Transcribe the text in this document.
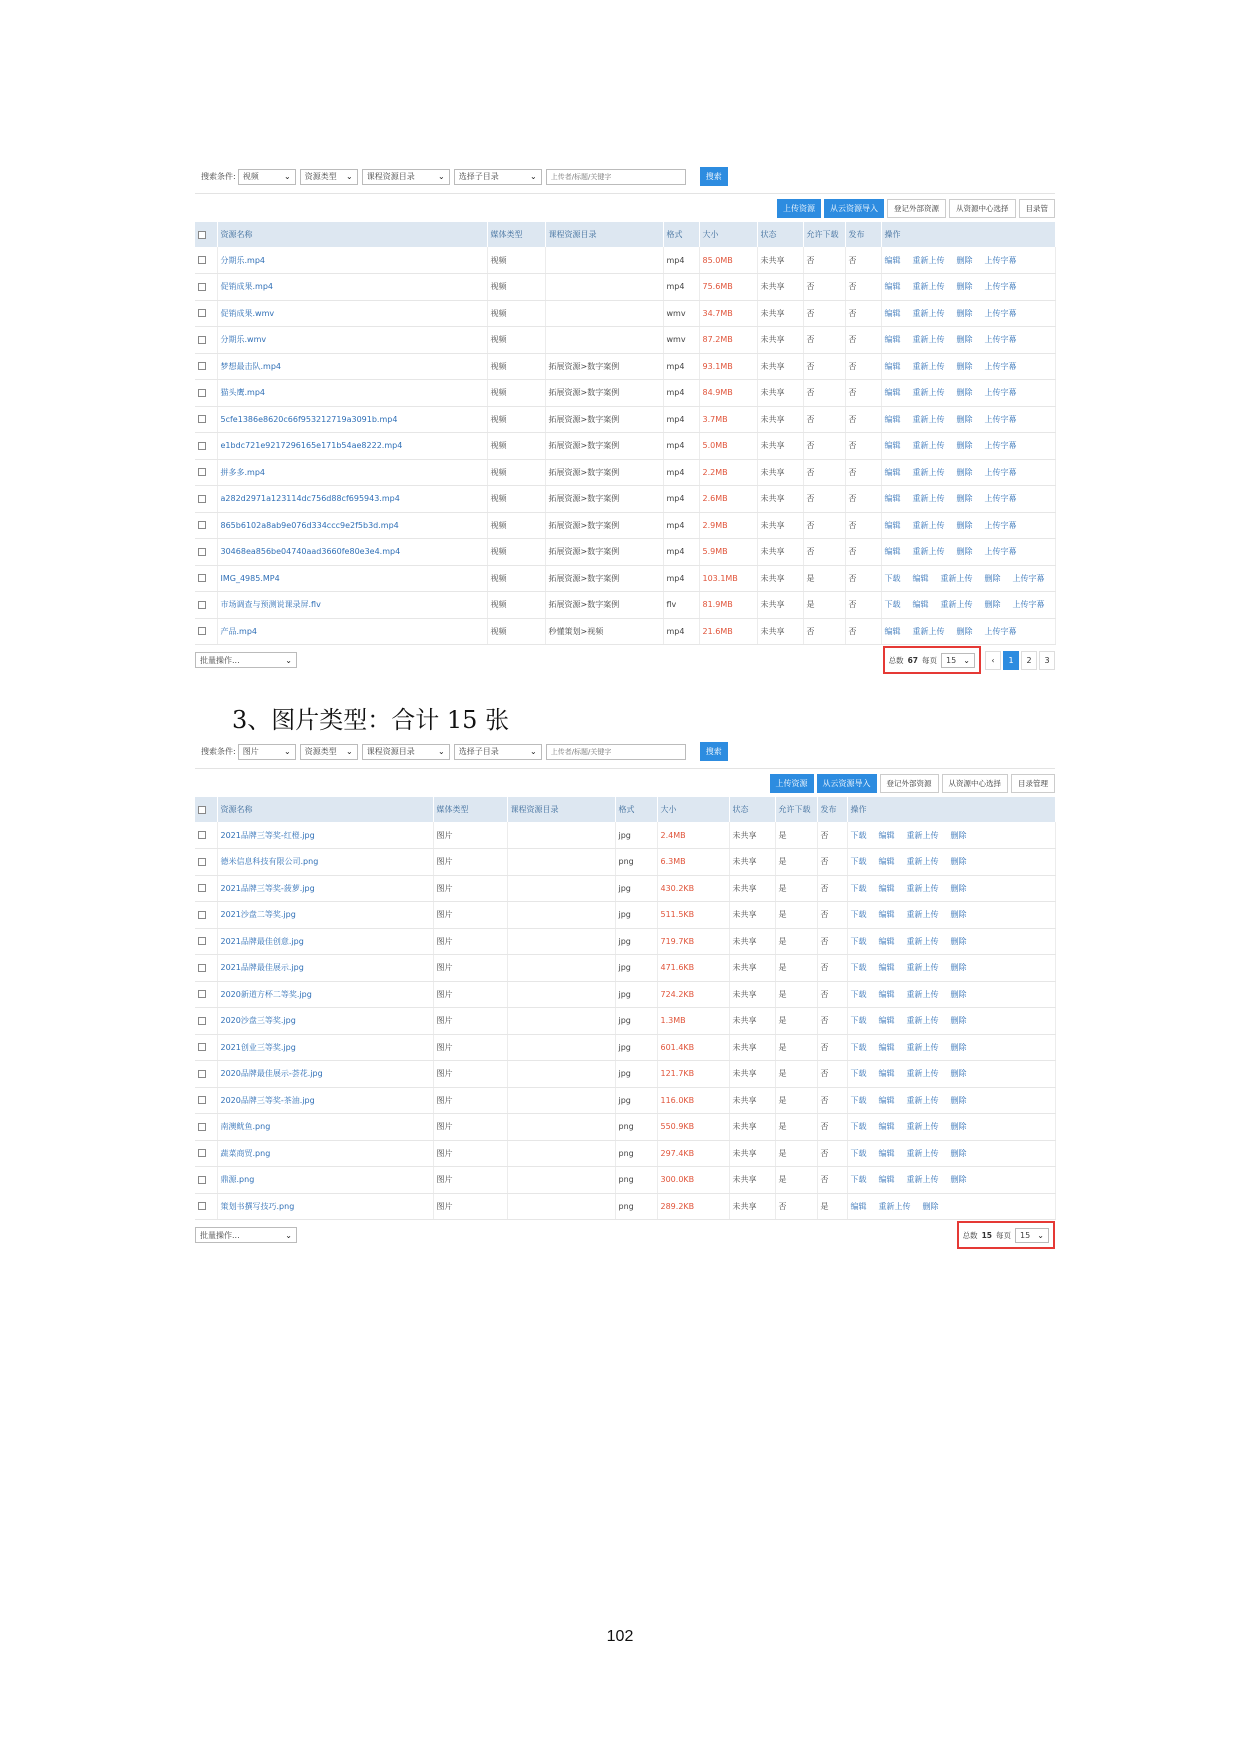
搜索条件: 视频	⌄ 资源类型 ⌄ 课程资源目录	⌄ 选择子目录	⌄
上传者/标题/关键字	搜索
上传资源	从云资源导入	登记外部资源	从资源中心选择	目录管
	资源名称	媒体类型	课程资源目录	格式	大小	状态	允许下载	发布	操作
	分期乐.mp4	视频		mp4	85.0MB	未共享	否	否	编辑 重新上传 删除 上传字幕
	促销成果.mp4	视频		mp4	75.6MB	未共享	否	否	编辑 重新上传 删除 上传字幕
	促销成果.wmv	视频		wmv	34.7MB	未共享	否	否	编辑 重新上传 删除 上传字幕
	分期乐.wmv	视频		wmv	87.2MB	未共享	否	否	编辑 重新上传 删除 上传字幕
	梦想最击队.mp4	视频	拓展资源>数字案例	mp4	93.1MB	未共享	否	否	编辑 重新上传 删除 上传字幕
	猫头鹰.mp4	视频	拓展资源>数字案例	mp4	84.9MB	未共享	否	否	编辑 重新上传 删除 上传字幕
	5cfe1386e8620c66f953212719a3091b.mp4	视频	拓展资源>数字案例	mp4	3.7MB	未共享	否	否	编辑 重新上传 删除 上传字幕
	e1bdc721e9217296165e171b54ae8222.mp4	视频	拓展资源>数字案例	mp4	5.0MB	未共享	否	否	编辑 重新上传 删除 上传字幕
	拼多多.mp4	视频	拓展资源>数字案例	mp4	2.2MB	未共享	否	否	编辑 重新上传 删除 上传字幕
	a282d2971a123114dc756d88cf695943.mp4	视频	拓展资源>数字案例	mp4	2.6MB	未共享	否	否	编辑 重新上传 删除 上传字幕
	865b6102a8ab9e076d334ccc9e2f5b3d.mp4	视频	拓展资源>数字案例	mp4	2.9MB	未共享	否	否	编辑 重新上传 删除 上传字幕
	30468ea856be04740aad3660fe80e3e4.mp4	视频	拓展资源>数字案例	mp4	5.9MB	未共享	否	否	编辑 重新上传 删除 上传字幕
	IMG_4985.MP4	视频	拓展资源>数字案例	mp4	103.1MB	未共享	是	否	下载 编辑 重新上传 删除 上传字幕
	市场调查与预测说课录屏.flv	视频	拓展资源>数字案例	flv	81.9MB	未共享	是	否	下载 编辑 重新上传 删除 上传字幕
	产品.mp4	视频	秒懂策划>视频	mp4	21.6MB	未共享	否	否	编辑 重新上传 删除 上传字幕
批量操作...	⌄	总数 67 每页 15 ⌄	‹	1	2	3
3、图片类型：合计 15 张
搜索条件: 图片	⌄ 资源类型 ⌄ 课程资源目录	⌄ 选择子目录	⌄
上传者/标题/关键字	搜索
上传资源	从云资源导入	登记外部资源	从资源中心选择	目录管理
	资源名称	媒体类型	课程资源目录	格式	大小	状态	允许下载	发布	操作
	2021品牌三等奖-红橙.jpg	图片		jpg	2.4MB	未共享	是	否	下载 编辑 重新上传 删除
	德米信息科技有限公司.png	图片		png	6.3MB	未共享	是	否	下载 编辑 重新上传 删除
	2021品牌三等奖-菠萝.jpg	图片		jpg	430.2KB	未共享	是	否	下载 编辑 重新上传 删除
	2021沙盘二等奖.jpg	图片		jpg	511.5KB	未共享	是	否	下载 编辑 重新上传 删除
	2021品牌最佳创意.jpg	图片		jpg	719.7KB	未共享	是	否	下载 编辑 重新上传 删除
	2021品牌最佳展示.jpg	图片		jpg	471.6KB	未共享	是	否	下载 编辑 重新上传 删除
	2020新道方杯二等奖.jpg	图片		jpg	724.2KB	未共享	是	否	下载 编辑 重新上传 删除
	2020沙盘三等奖.jpg	图片		jpg	1.3MB	未共享	是	否	下载 编辑 重新上传 删除
	2021创业三等奖.jpg	图片		jpg	601.4KB	未共享	是	否	下载 编辑 重新上传 删除
	2020品牌最佳展示-荟花.jpg	图片		jpg	121.7KB	未共享	是	否	下载 编辑 重新上传 删除
	2020品牌三等奖-茶油.jpg	图片		jpg	116.0KB	未共享	是	否	下载 编辑 重新上传 删除
	南澳鱿鱼.png	图片		png	550.9KB	未共享	是	否	下载 编辑 重新上传 删除
	蔬菜商贸.png	图片		png	297.4KB	未共享	是	否	下载 编辑 重新上传 删除
	鼎源.png	图片		png	300.0KB	未共享	是	否	下载 编辑 重新上传 删除
	策划书撰写技巧.png	图片		png	289.2KB	未共享	否	是	编辑 重新上传 删除
批量操作...	⌄	总数 15 每页 15 ⌄
102
